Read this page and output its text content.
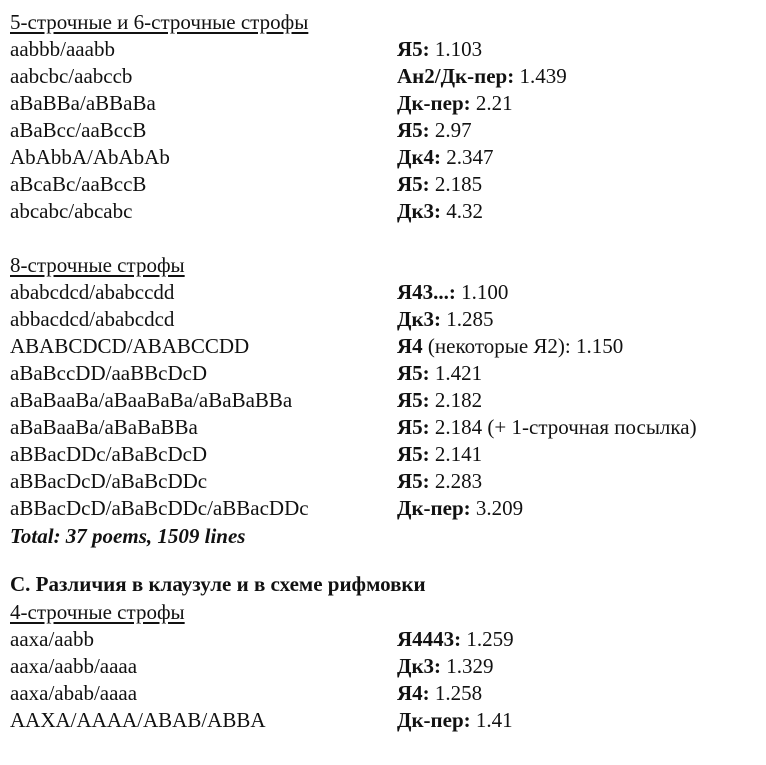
5-строчные и 6-строчные строфы
aabbb/aaabb	Я5: 1.103
aabcbc/aabccb	Ан2/Дк-пер: 1.439
aBaBBa/aBBaBa	Дк-пер: 2.21
aBaBcc/aaBccB	Я5: 2.97
AbAbbA/AbAbAb	Дк4: 2.347
aBcaBc/aaBccB	Я5: 2.185
abcabc/abcabc	Дк3: 4.32
8-строчные строфы
ababcdcd/ababccdd	Я43...: 1.100
abbacdcd/ababcdcd	Дк3: 1.285
ABABCDCD/ABABCCDD	Я4 (некоторые Я2): 1.150
aBaBccDD/aaBBcDcD	Я5: 1.421
aBaBaaBa/aBaaBaBa/aBaBaBBa	Я5: 2.182
aBaBaaBa/aBaBaBBa	Я5: 2.184 (+ 1-строчная посылка)
aBBacDDc/aBaBcDcD	Я5: 2.141
aBBacDcD/aBaBcDDc	Я5: 2.283
aBBacDcD/aBaBcDDc/aBBacDDc	Дк-пер: 3.209
Total: 37 poems, 1509 lines
C. Различия в клаузуле и в схеме рифмовки
4-строчные строфы
aaxa/aabb	Я4443: 1.259
aaxa/aabb/aaaa	Дк3: 1.329
aaxa/abab/aaaa	Я4: 1.258
AAXA/AAAA/ABAB/ABBA	Дк-пер: 1.41
